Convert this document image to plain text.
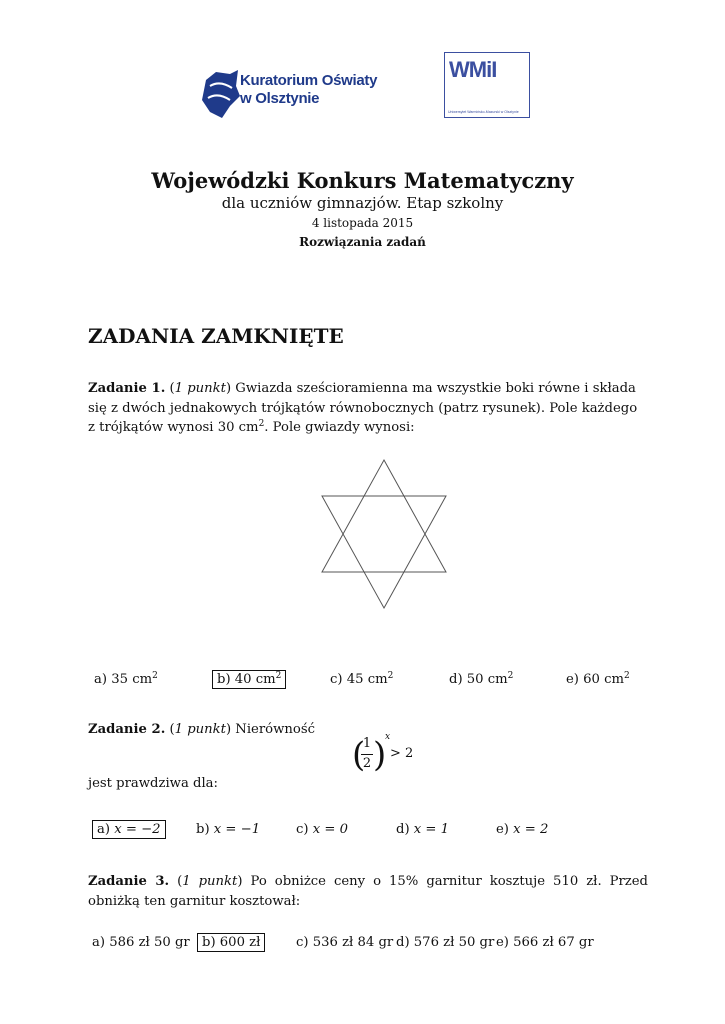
Kuratorium Oświaty
w Olsztynie
WMiI
Uniwersytet Warmińsko-Mazurski w Olsztynie
Wojewódzki Konkurs Matematyczny
dla uczniów gimnazjów. Etap szkolny
4 listopada 2015
Rozwiązania zadań
ZADANIA ZAMKNIĘTE
Zadanie 1. (1 punkt) Gwiazda sześcioramienna ma wszystkie boki równe i składa się z dwóch jednakowych trójkątów równobocznych (patrz rysunek). Pole każdego z trójkątów wynosi 30 $cm^2$. Pole gwiazdy wynosi:
a) 35 $cm^2$	b) 40 $cm^2$	c) 45 $cm^2$	d) 50 $cm^2$	e) 60 $cm^2$
Zadanie 2. (1 punkt) Nierówność
(
1
2 )
x
> 2
jest prawdziwa dla:
a) x = −2	b) x = −1	c) x = 0	d) x = 1	e) x = 2
Zadanie 3. (1 punkt) Po obniżce ceny o 15% garnitur kosztuje 510 zł. Przed obniżką ten garnitur kosztował:
a) 586 zł 50 gr b) 600 zł	c) 536 zł 84 gr d) 576 zł 50 gr e) 566 zł 67 gr
